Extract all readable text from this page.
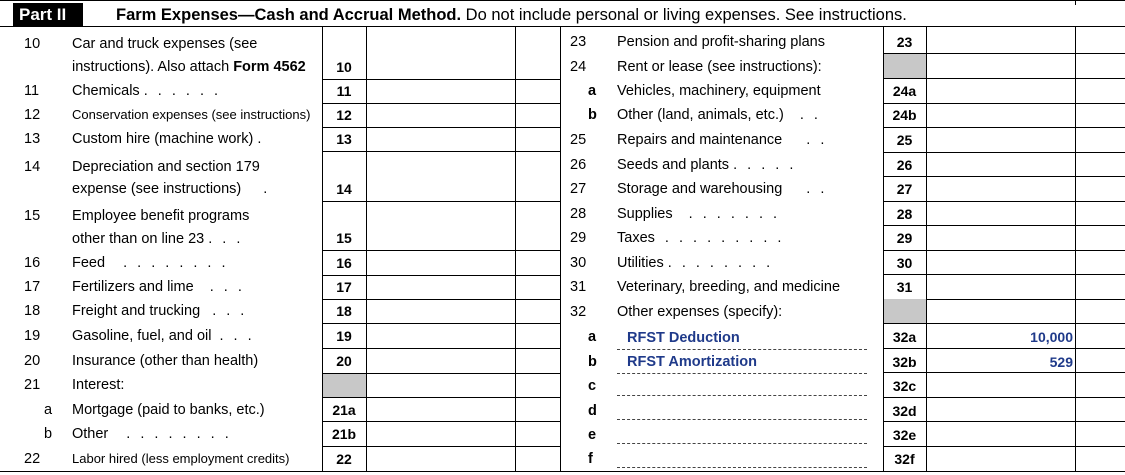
Part II	Farm Expenses—Cash and Accrual Method. Do not include personal or living expenses. See instructions.
10 Car and truck expenses (see
instructions). Also attach Form 4562	10
11 Chemicals . . . . . .	11
12 Conservation expenses (see instructions)	12
13 Custom hire (machine work) .	13
14 Depreciation and section 179
expense (see instructions) .	14
15 Employee benefit programs
other than on line 23 . . .	15
16 Feed . . . . . . . .	16
17 Fertilizers and lime . . .	17
18 Freight and trucking . . .	18
19 Gasoline, fuel, and oil . . .	19
20 Insurance (other than health)	20
21 Interest:
a Mortgage (paid to banks, etc.)	21a
b Other . . . . . . . .	21b
22 Labor hired (less employment credits)	22
23 Pension and profit-sharing plans	23
24 Rent or lease (see instructions):
a Vehicles, machinery, equipment	24a
b Other (land, animals, etc.) . .	24b
25 Repairs and maintenance . .	25
26 Seeds and plants . . . . .	26
27 Storage and warehousing . .	27
28 Supplies . . . . . . .	28
29 Taxes . . . . . . . . .	29
30 Utilities . . . . . . . .	30
31 Veterinary, breeding, and medicine	31
32 Other expenses (specify):
a	RFST Deduction	32a	10,000
b	RFST Amortization	32b	529
c	32c
d	32d
e	32e
f	32f
